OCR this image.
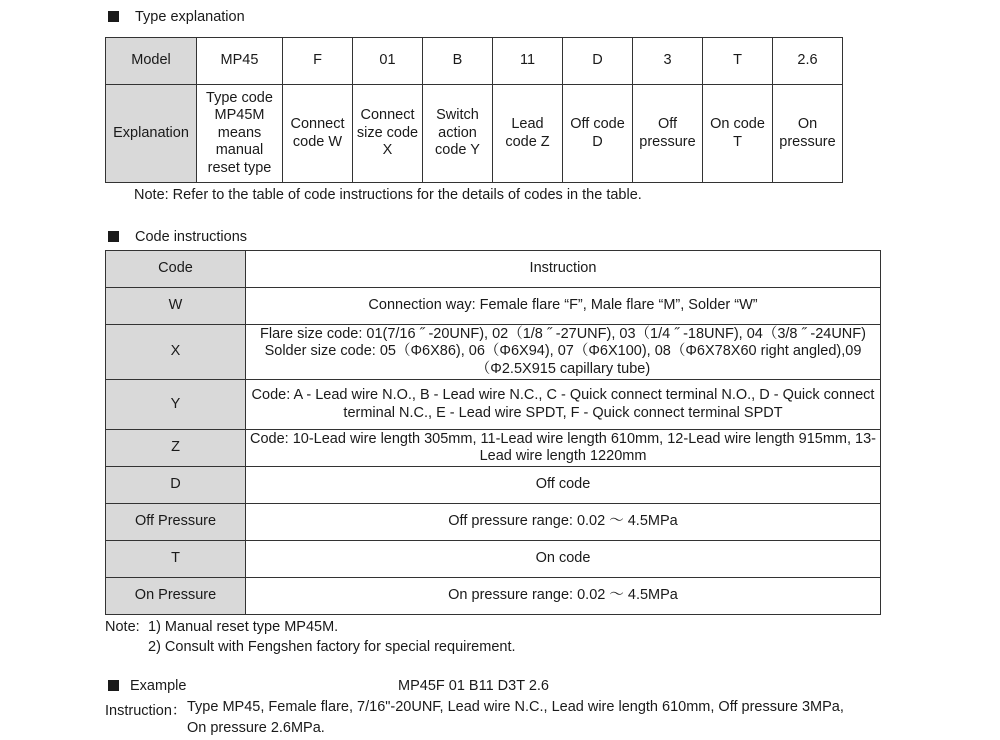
Type explanation
Model	MP45	F	01	B	11	D	3	T	2.6
Explanation	Type code MP45M means manual reset type	Connect code W	Connect size code X	Switch action code Y	Lead code Z	Off code D	Off pressure	On code T	On pressure
Note: Refer to the table of code instructions for the details of codes in the table.
Code instructions
Code	Instruction
W	Connection way: Female flare “F”, Male flare “M”, Solder “W”
X	Flare size code: 01(7/16 ˝ -20UNF), 02（1/8 ˝ -27UNF), 03（1/4 ˝ -18UNF), 04（3/8 ˝ -24UNF) Solder size code: 05（Φ6X86), 06（Φ6X94), 07（Φ6X100), 08（Φ6X78X60 right angled),09（Φ2.5X915 capillary tube)
Y	Code: A - Lead wire N.O., B - Lead wire N.C., C - Quick connect terminal N.O., D - Quick connect terminal N.C., E - Lead wire SPDT, F - Quick connect terminal SPDT
Z	Code: 10-Lead wire length 305mm, 11-Lead wire length 610mm, 12-Lead wire length 915mm, 13-Lead wire length 1220mm
D	Off code
Off Pressure	Off pressure range: 0.02 ～ 4.5MPa
T	On code
On Pressure	On pressure range: 0.02 ～ 4.5MPa
Note: 1) Manual reset type MP45M.
2) Consult with Fengshen factory for special requirement.
Example	MP45F 01 B11 D3T 2.6
Instruction： Type MP45, Female flare, 7/16"-20UNF, Lead wire N.C., Lead wire length 610mm, Off pressure 3MPa,
On pressure 2.6MPa.
